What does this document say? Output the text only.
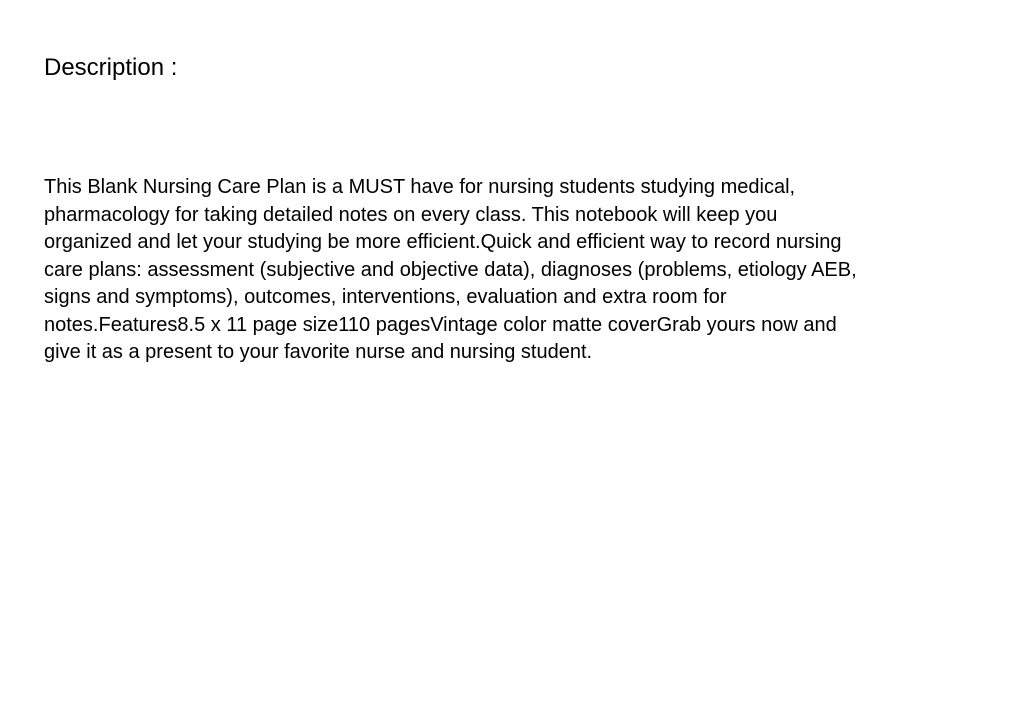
Description :

This Blank Nursing Care Plan is a MUST have for nursing students studying medical,
pharmacology for taking detailed notes on every class. This notebook will keep you
organized and let your studying be more efficient.Quick and efficient way to record nursing
care plans: assessment (subjective and objective data), diagnoses (problems, etiology AEB,
signs and symptoms), outcomes, interventions, evaluation and extra room for
notes.Features8.5 x 11 page size110 pagesVintage color matte coverGrab yours now and
give it as a present to your favorite nurse and nursing student.
